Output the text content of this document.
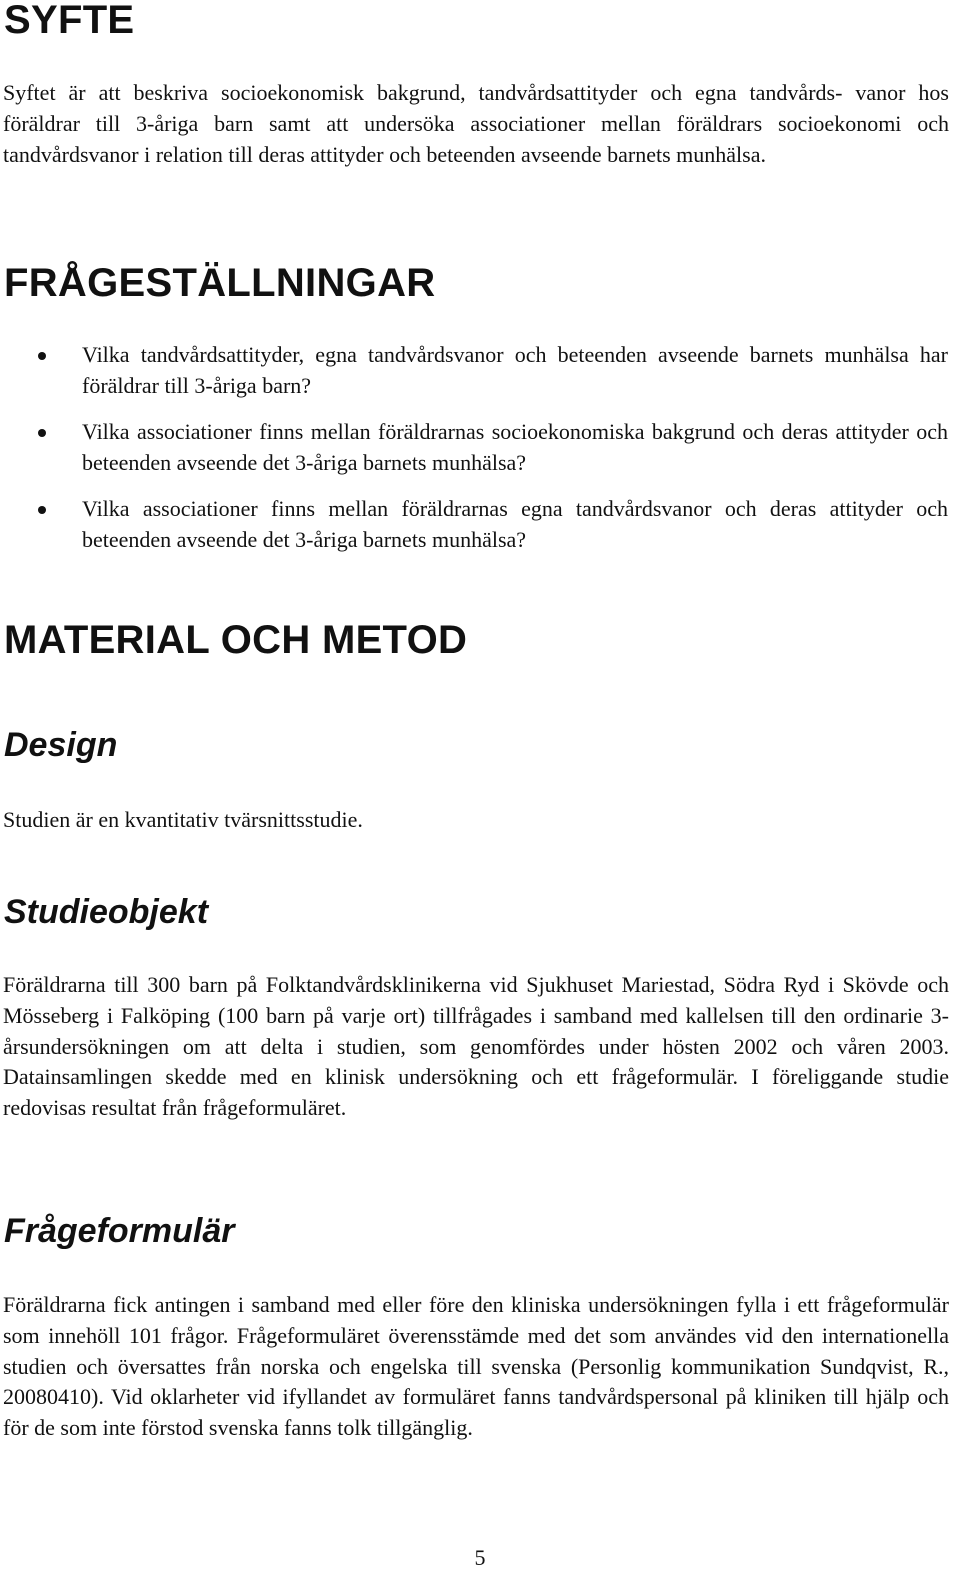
SYFTE

Syftet är att beskriva socioekonomisk bakgrund, tandvårdsattityder och egna tandvårds- vanor hos föräldrar till 3-åriga barn samt att undersöka associationer mellan föräldrars socioekonomi och tandvårdsvanor i relation till deras attityder och beteenden avseende barnets munhälsa.

FRÅGESTÄLLNINGAR
Vilka tandvårdsattityder, egna tandvårdsvanor och beteenden avseende barnets munhälsa har föräldrar till 3-åriga barn?
Vilka associationer finns mellan föräldrarnas socioekonomiska bakgrund och deras attityder och beteenden avseende det 3-åriga barnets munhälsa?
Vilka associationer finns mellan föräldrarnas egna tandvårdsvanor och deras attityder och beteenden avseende det 3-åriga barnets munhälsa?
MATERIAL OCH METOD
Design

Studien är en kvantitativ tvärsnittsstudie.

Studieobjekt

Föräldrarna till 300 barn på Folktandvårdsklinikerna vid Sjukhuset Mariestad, Södra Ryd i Skövde och Mösseberg i Falköping (100 barn på varje ort) tillfrågades i samband med kallelsen till den ordinarie 3-årsundersökningen om att delta i studien, som genomfördes under hösten 2002 och våren 2003. Datainsamlingen skedde med en klinisk undersökning och ett frågeformulär. I föreliggande studie redovisas resultat från frågeformuläret.

Frågeformulär

Föräldrarna fick antingen i samband med eller före den kliniska undersökningen fylla i ett frågeformulär som innehöll 101 frågor. Frågeformuläret överensstämde med det som användes vid den internationella studien och översattes från norska och engelska till svenska (Personlig kommunikation Sundqvist, R., 20080410). Vid oklarheter vid ifyllandet av formuläret fanns tandvårdspersonal på kliniken till hjälp och för de som inte förstod svenska fanns tolk tillgänglig.

5
